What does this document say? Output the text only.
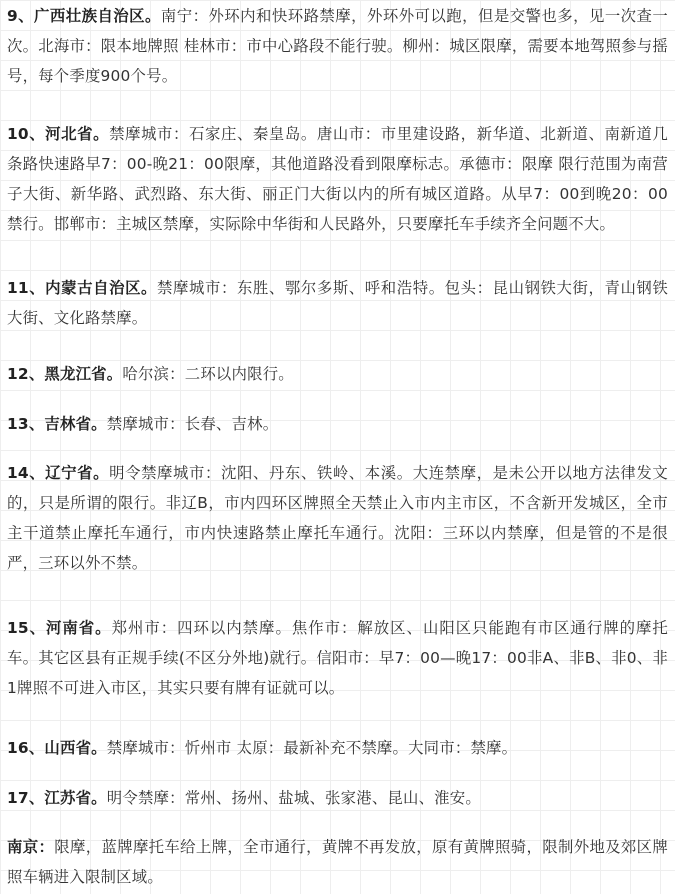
9、广西壮族自治区。南宁：外环内和快环路禁摩，外环外可以跑，但是交警也多，见一次查一次。北海市：限本地牌照 桂林市：市中心路段不能行驶。柳州：城区限摩，需要本地驾照参与摇号，每个季度900个号。

10、河北省。禁摩城市：石家庄、秦皇岛。唐山市：市里建设路，新华道、北新道、南新道几条路快速路早7：00-晚21：00限摩，其他道路没看到限摩标志。承德市：限摩 限行范围为南营子大街、新华路、武烈路、东大街、丽正门大街以内的所有城区道路。从早7：00到晚20：00禁行。邯郸市：主城区禁摩，实际除中华街和人民路外，只要摩托车手续齐全问题不大。

11、内蒙古自治区。禁摩城市：东胜、鄂尔多斯、呼和浩特。包头：昆山钢铁大街，青山钢铁大街、文化路禁摩。

12、黑龙江省。哈尔滨：二环以内限行。

13、吉林省。禁摩城市：长春、吉林。

14、辽宁省。明令禁摩城市：沈阳、丹东、铁岭、本溪。大连禁摩，是未公开以地方法律发文的，只是所谓的限行。非辽B，市内四环区牌照全天禁止入市内主市区，不含新开发城区，全市主干道禁止摩托车通行，市内快速路禁止摩托车通行。沈阳：三环以内禁摩，但是管的不是很严，三环以外不禁。

15、河南省。郑州市：四环以内禁摩。焦作市：解放区、山阳区只能跑有市区通行牌的摩托车。其它区县有正规手续(不区分外地)就行。信阳市：早7：00—晚17：00非A、非B、非0、非1牌照不可进入市区，其实只要有牌有证就可以。

16、山西省。禁摩城市：忻州市 太原：最新补充不禁摩。大同市：禁摩。

17、江苏省。明令禁摩：常州、扬州、盐城、张家港、昆山、淮安。

南京：限摩，蓝牌摩托车给上牌，全市通行，黄牌不再发放，原有黄牌照骑，限制外地及郊区牌照车辆进入限制区域。
